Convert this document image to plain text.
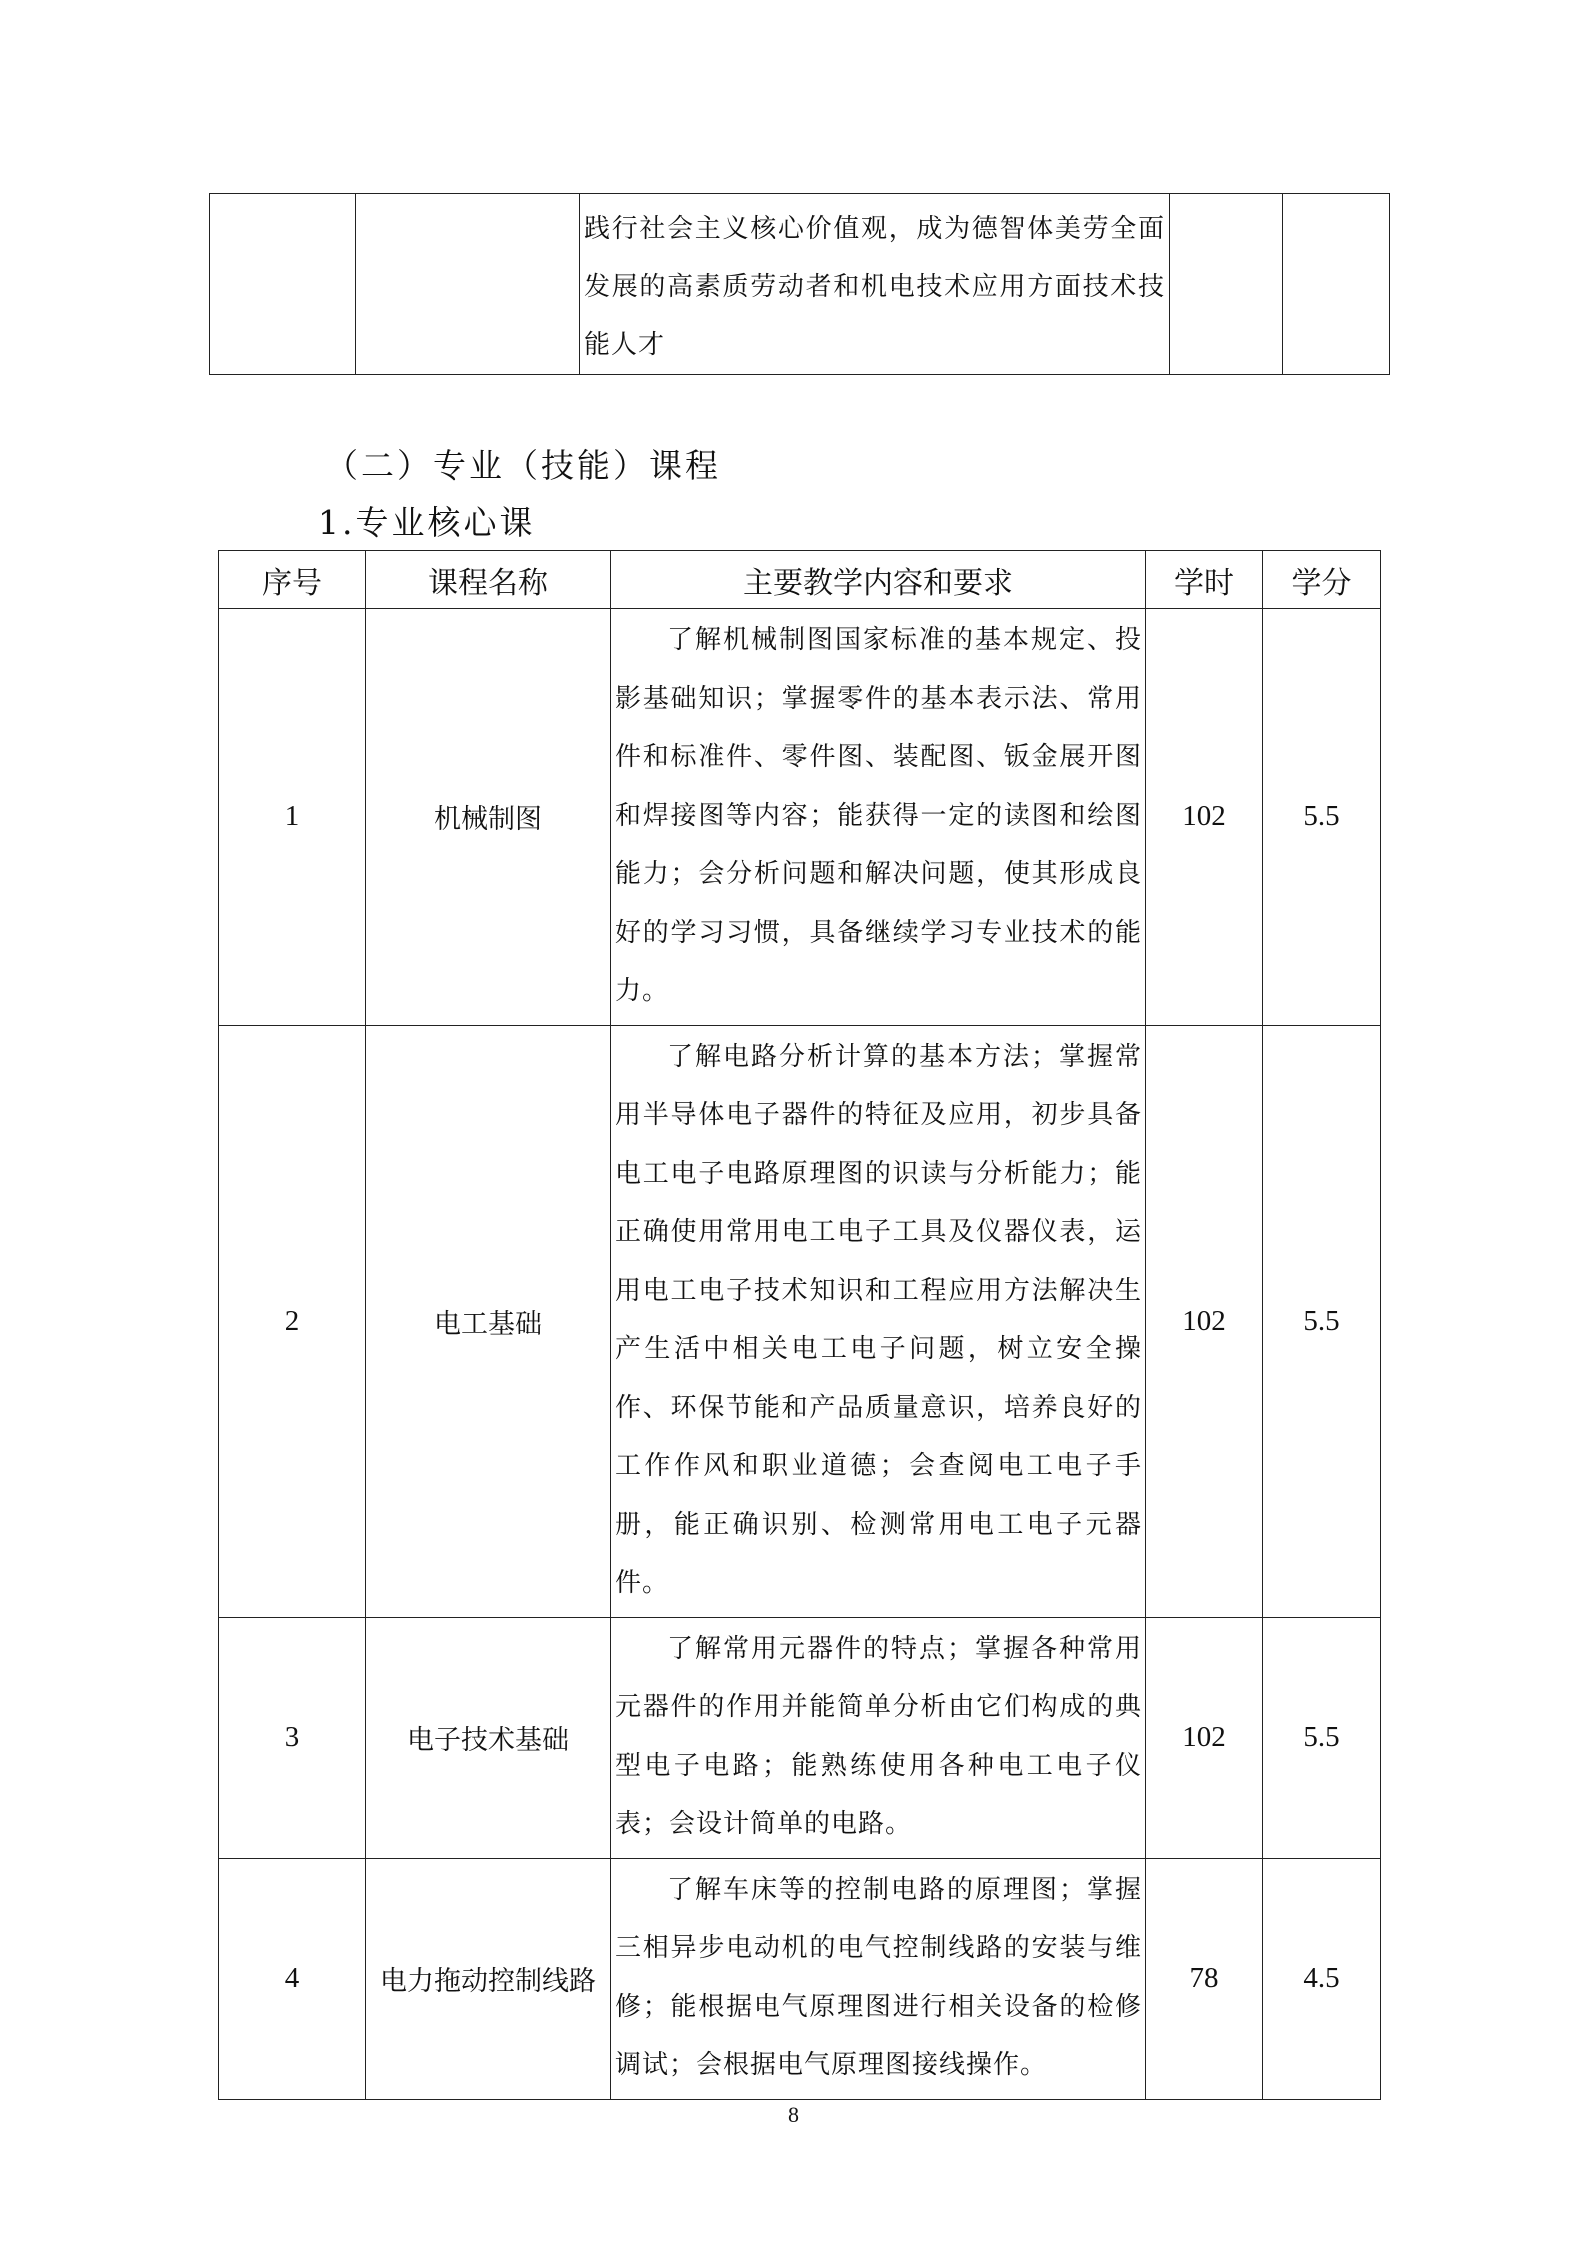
		践行社会主义核心价值观，成为德智体美劳全面发展的高素质劳动者和机电技术应用方面技术技能人才		
（二）专业（技能）课程
1.专业核心课
序号	课程名称	主要教学内容和要求	学时	学分
1	机械制图	了解机械制图国家标准的基本规定、投影基础知识；掌握零件的基本表示法、常用件和标准件、零件图、装配图、钣金展开图和焊接图等内容；能获得一定的读图和绘图能力；会分析问题和解决问题，使其形成良好的学习习惯，具备继续学习专业技术的能力。	102	5.5
2	电工基础	了解电路分析计算的基本方法；掌握常用半导体电子器件的特征及应用，初步具备电工电子电路原理图的识读与分析能力；能正确使用常用电工电子工具及仪器仪表，运用电工电子技术知识和工程应用方法解决生产生活中相关电工电子问题，树立安全操作、环保节能和产品质量意识，培养良好的工作作风和职业道德；会查阅电工电子手册，能正确识别、检测常用电工电子元器件。	102	5.5
3	电子技术基础	了解常用元器件的特点；掌握各种常用元器件的作用并能简单分析由它们构成的典型电子电路；能熟练使用各种电工电子仪表；会设计简单的电路。	102	5.5
4	电力拖动控制线路	了解车床等的控制电路的原理图；掌握三相异步电动机的电气控制线路的安装与维修；能根据电气原理图进行相关设备的检修调试；会根据电气原理图接线操作。	78	4.5
8
